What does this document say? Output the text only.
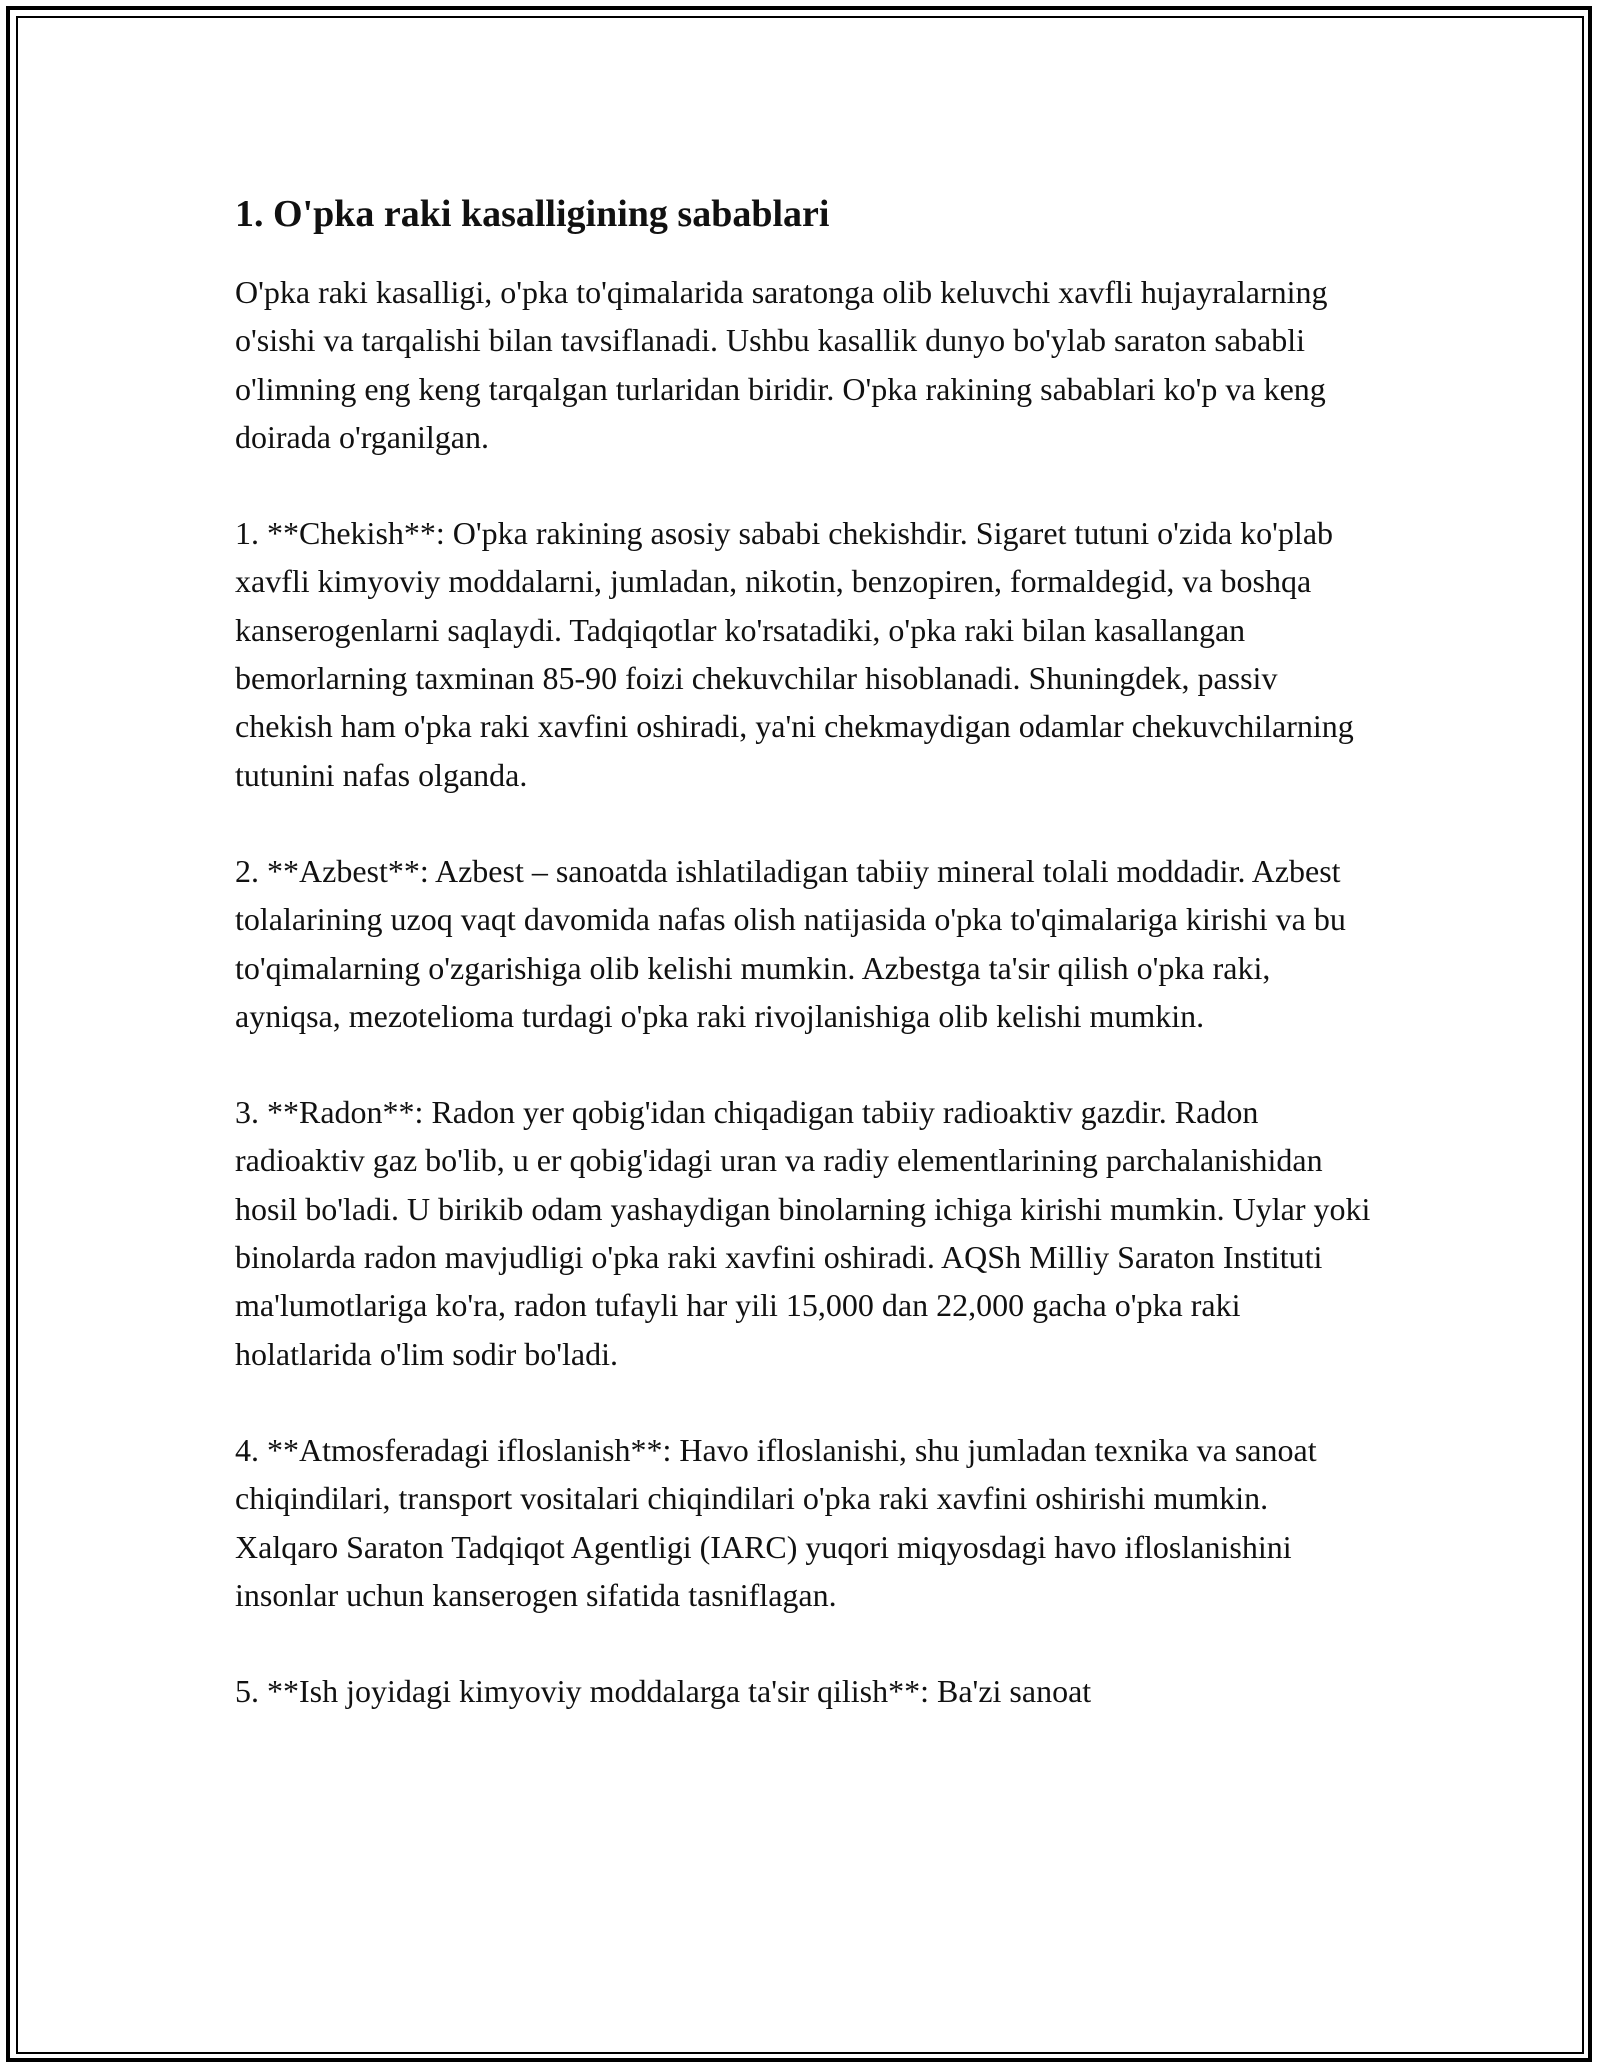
1. O'pka raki kasalligining sabablari

O'pka raki kasalligi, o'pka to'qimalarida saratonga olib keluvchi xavfli hujayralarning o'sishi va tarqalishi bilan tavsiflanadi. Ushbu kasallik dunyo bo'ylab saraton sababli o'limning eng keng tarqalgan turlaridan biridir. O'pka rakining sabablari ko'p va keng doirada o'rganilgan.

1. **Chekish**: O'pka rakining asosiy sababi chekishdir. Sigaret tutuni o'zida ko'plab xavfli kimyoviy moddalarni, jumladan, nikotin, benzopiren, formaldegid, va boshqa kanserogenlarni saqlaydi. Tadqiqotlar ko'rsatadiki, o'pka raki bilan kasallangan bemorlarning taxminan 85-90 foizi chekuvchilar hisoblanadi. Shuningdek, passiv chekish ham o'pka raki xavfini oshiradi, ya'ni chekmaydigan odamlar chekuvchilarning tutunini nafas olganda.

2. **Azbest**: Azbest – sanoatda ishlatiladigan tabiiy mineral tolali moddadir. Azbest tolalarining uzoq vaqt davomida nafas olish natijasida o'pka to'qimalariga kirishi va bu to'qimalarning o'zgarishiga olib kelishi mumkin. Azbestga ta'sir qilish o'pka raki, ayniqsa, mezotelioma turdagi o'pka raki rivojlanishiga olib kelishi mumkin.

3. **Radon**: Radon yer qobig'idan chiqadigan tabiiy radioaktiv gazdir. Radon radioaktiv gaz bo'lib, u er qobig'idagi uran va radiy elementlarining parchalanishidan hosil bo'ladi. U birikib odam yashaydigan binolarning ichiga kirishi mumkin. Uylar yoki binolarda radon mavjudligi o'pka raki xavfini oshiradi. AQSh Milliy Saraton Instituti ma'lumotlariga ko'ra, radon tufayli har yili 15,000 dan 22,000 gacha o'pka raki holatlarida o'lim sodir bo'ladi.

4. **Atmosferadagi ifloslanish**: Havo ifloslanishi, shu jumladan texnika va sanoat chiqindilari, transport vositalari chiqindilari o'pka raki xavfini oshirishi mumkin. Xalqaro Saraton Tadqiqot Agentligi (IARC) yuqori miqyosdagi havo ifloslanishini insonlar uchun kanserogen sifatida tasniflagan.

5. **Ish joyidagi kimyoviy moddalarga ta'sir qilish**: Ba'zi sanoat
